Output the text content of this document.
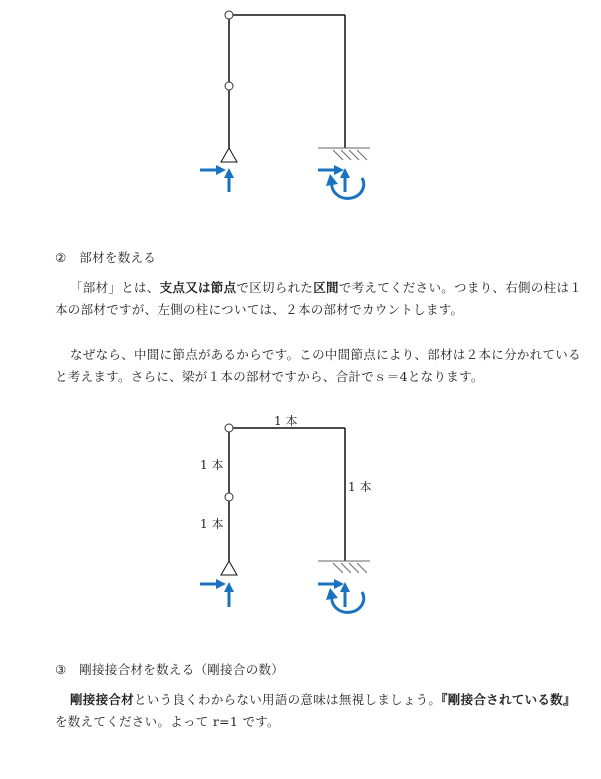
②　部材を数える
「部材」とは、支点又は節点で区切られた区間で考えてください。つまり、右側の柱は１
本の部材ですが、左側の柱については、２本の部材でカウントします。
なぜなら、中間に節点があるからです。この中間節点により、部材は２本に分かれている
と考えます。さらに、梁が１本の部材ですから、合計でｓ＝4となります。
1 本
1 本
1 本
1 本
③　剛接接合材を数える（剛接合の数）
剛接接合材という良くわからない用語の意味は無視しましょう。『剛接合されている数』
を数えてください。よって r=1 です。
